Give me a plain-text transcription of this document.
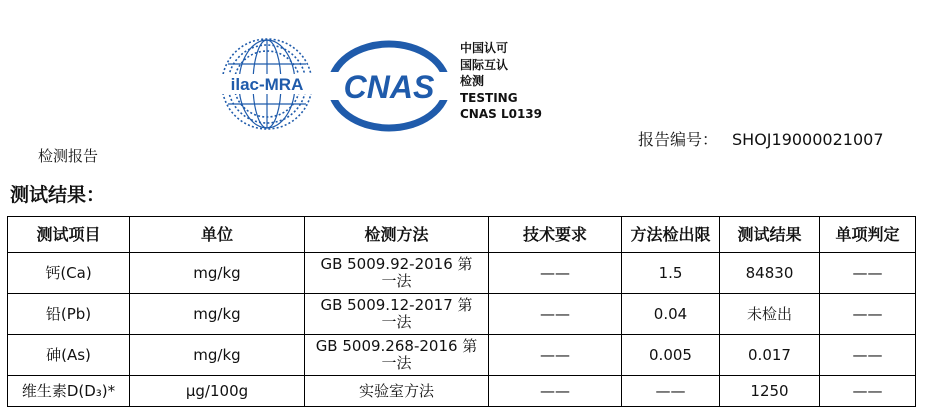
ilac-MRA CNAS
中国认可
国际互认
检测
TESTING
CNAS L0139
报告编号： SHOJ19000021007
检测报告
测试结果：
测试项目	单位	检测方法	技术要求	方法检出限	测试结果	单项判定
钙(Ca)	mg/kg	GB 5009.92-2016 第一法	——	1.5	84830	——
铅(Pb)	mg/kg	GB 5009.12-2017 第一法	——	0.04	未检出	——
砷(As)	mg/kg	GB 5009.268-2016 第一法	——	0.005	0.017	——
维生素D(D₃)*	μg/100g	实验室方法	——	——	1250	——
